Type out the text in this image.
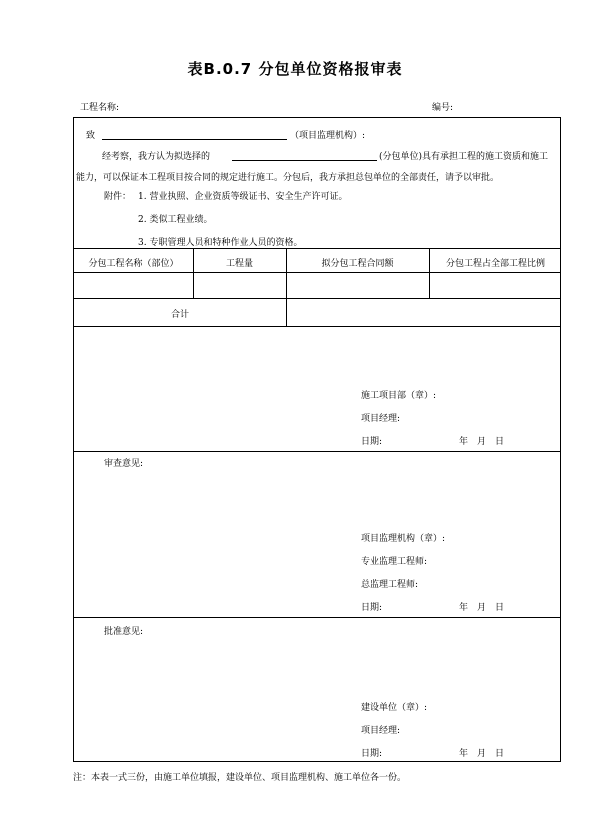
表B.0.7 分包单位资格报审表
工程名称:	编号:
致	（项目监理机构）:
经考察，我方认为拟选择的	(分包单位)具有承担工程的施工资质和施工
能力，可以保证本工程项目按合同的规定进行施工。分包后，我方承担总包单位的全部责任，请予以审批。
附件： 1. 营业执照、企业资质等级证书、安全生产许可证。
2. 类似工程业绩。
3. 专职管理人员和特种作业人员的资格。
分包工程名称（部位）	工程量	拟分包工程合同额	分包工程占全部工程比例
合计
施工项目部（章）:
项目经理:
日期:	年　月　日
审查意见:
项目监理机构（章）:
专业监理工程师:
总监理工程师:
日期:	年　月　日
批准意见:
建设单位（章）:
项目经理:
日期:	年　月　日
注：本表一式三份，由施工单位填报，建设单位、项目监理机构、施工单位各一份。
